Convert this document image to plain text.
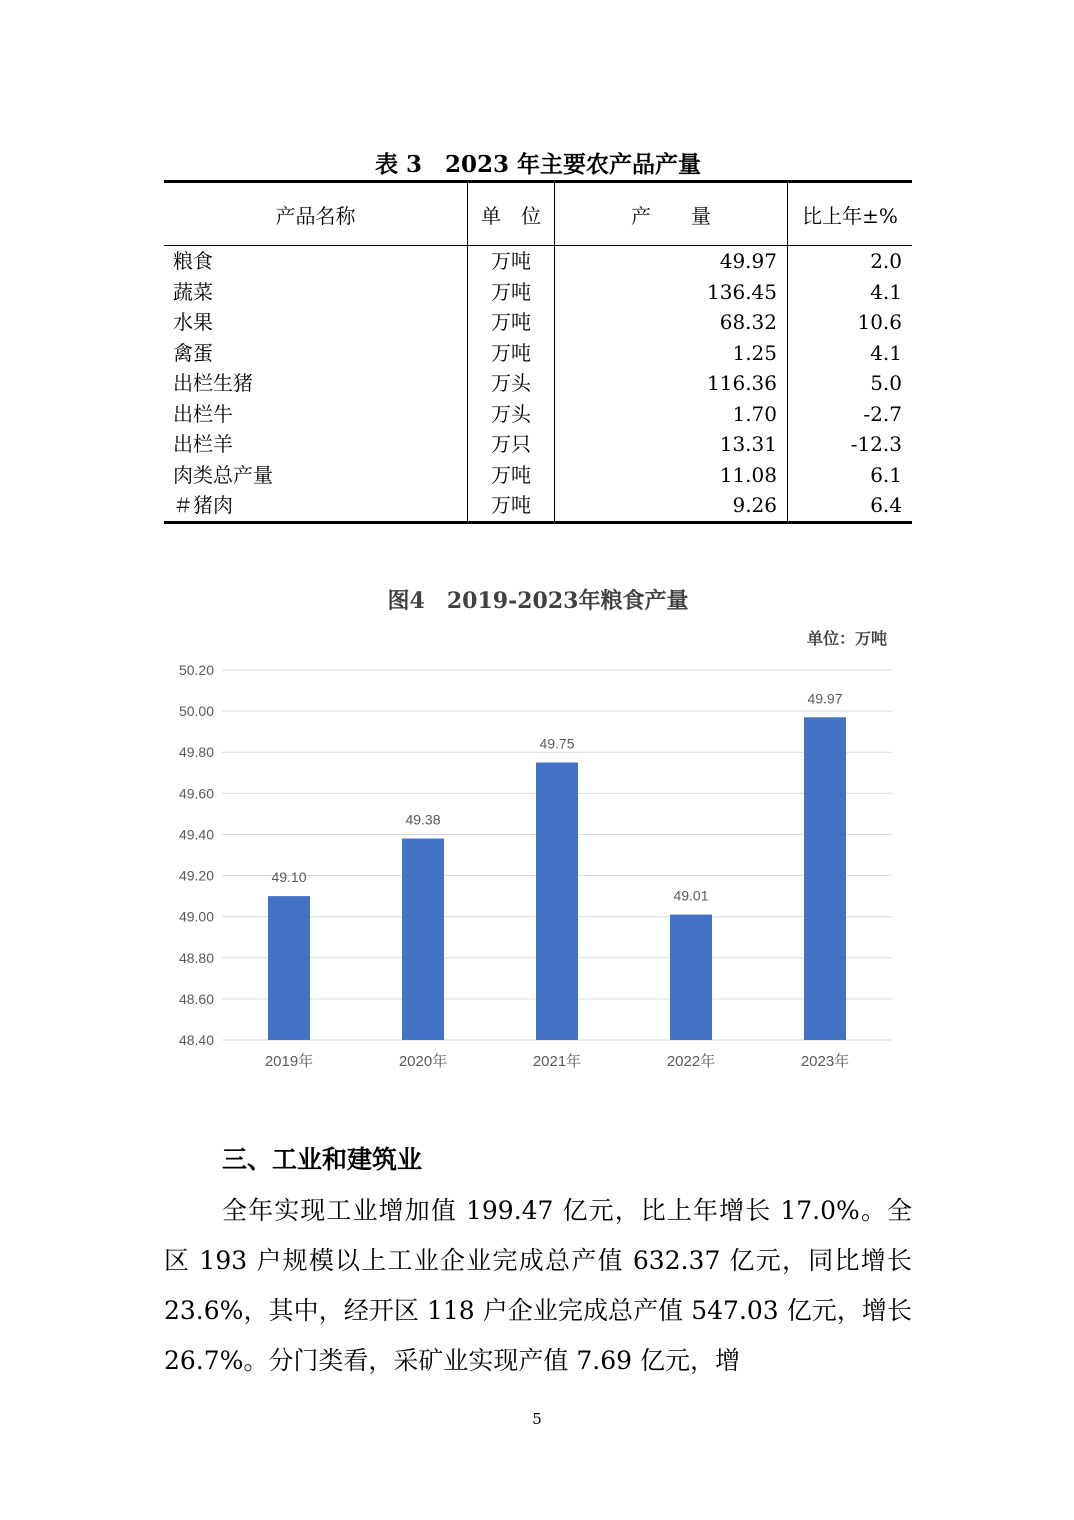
表 3　2023 年主要农产品产量
产品名称	单　位	产　　量	比上年±%
粮食	万吨	49.97	2.0
蔬菜	万吨	136.45	4.1
水果	万吨	68.32	10.6
禽蛋	万吨	1.25	4.1
出栏生猪	万头	116.36	5.0
出栏牛	万头	1.70	-2.7
出栏羊	万只	13.31	-12.3
肉类总产量	万吨	11.08	6.1
＃猪肉	万吨	9.26	6.4
图4　2019-2023年粮食产量
单位：万吨
48.40
48.60
48.80
49.00
49.20
49.40
49.60
49.80
50.00
50.20
49.10
2019年
49.38
2020年
49.75
2021年
49.01
2022年
49.97
2023年
三、工业和建筑业

全年实现工业增加值 199.47 亿元，比上年增长 17.0%。全区 193 户规模以上工业企业完成总产值 632.37 亿元，同比增长 23.6%，其中，经开区 118 户企业完成总产值 547.03 亿元，增长 26.7%。分门类看，采矿业实现产值 7.69 亿元，增

5
